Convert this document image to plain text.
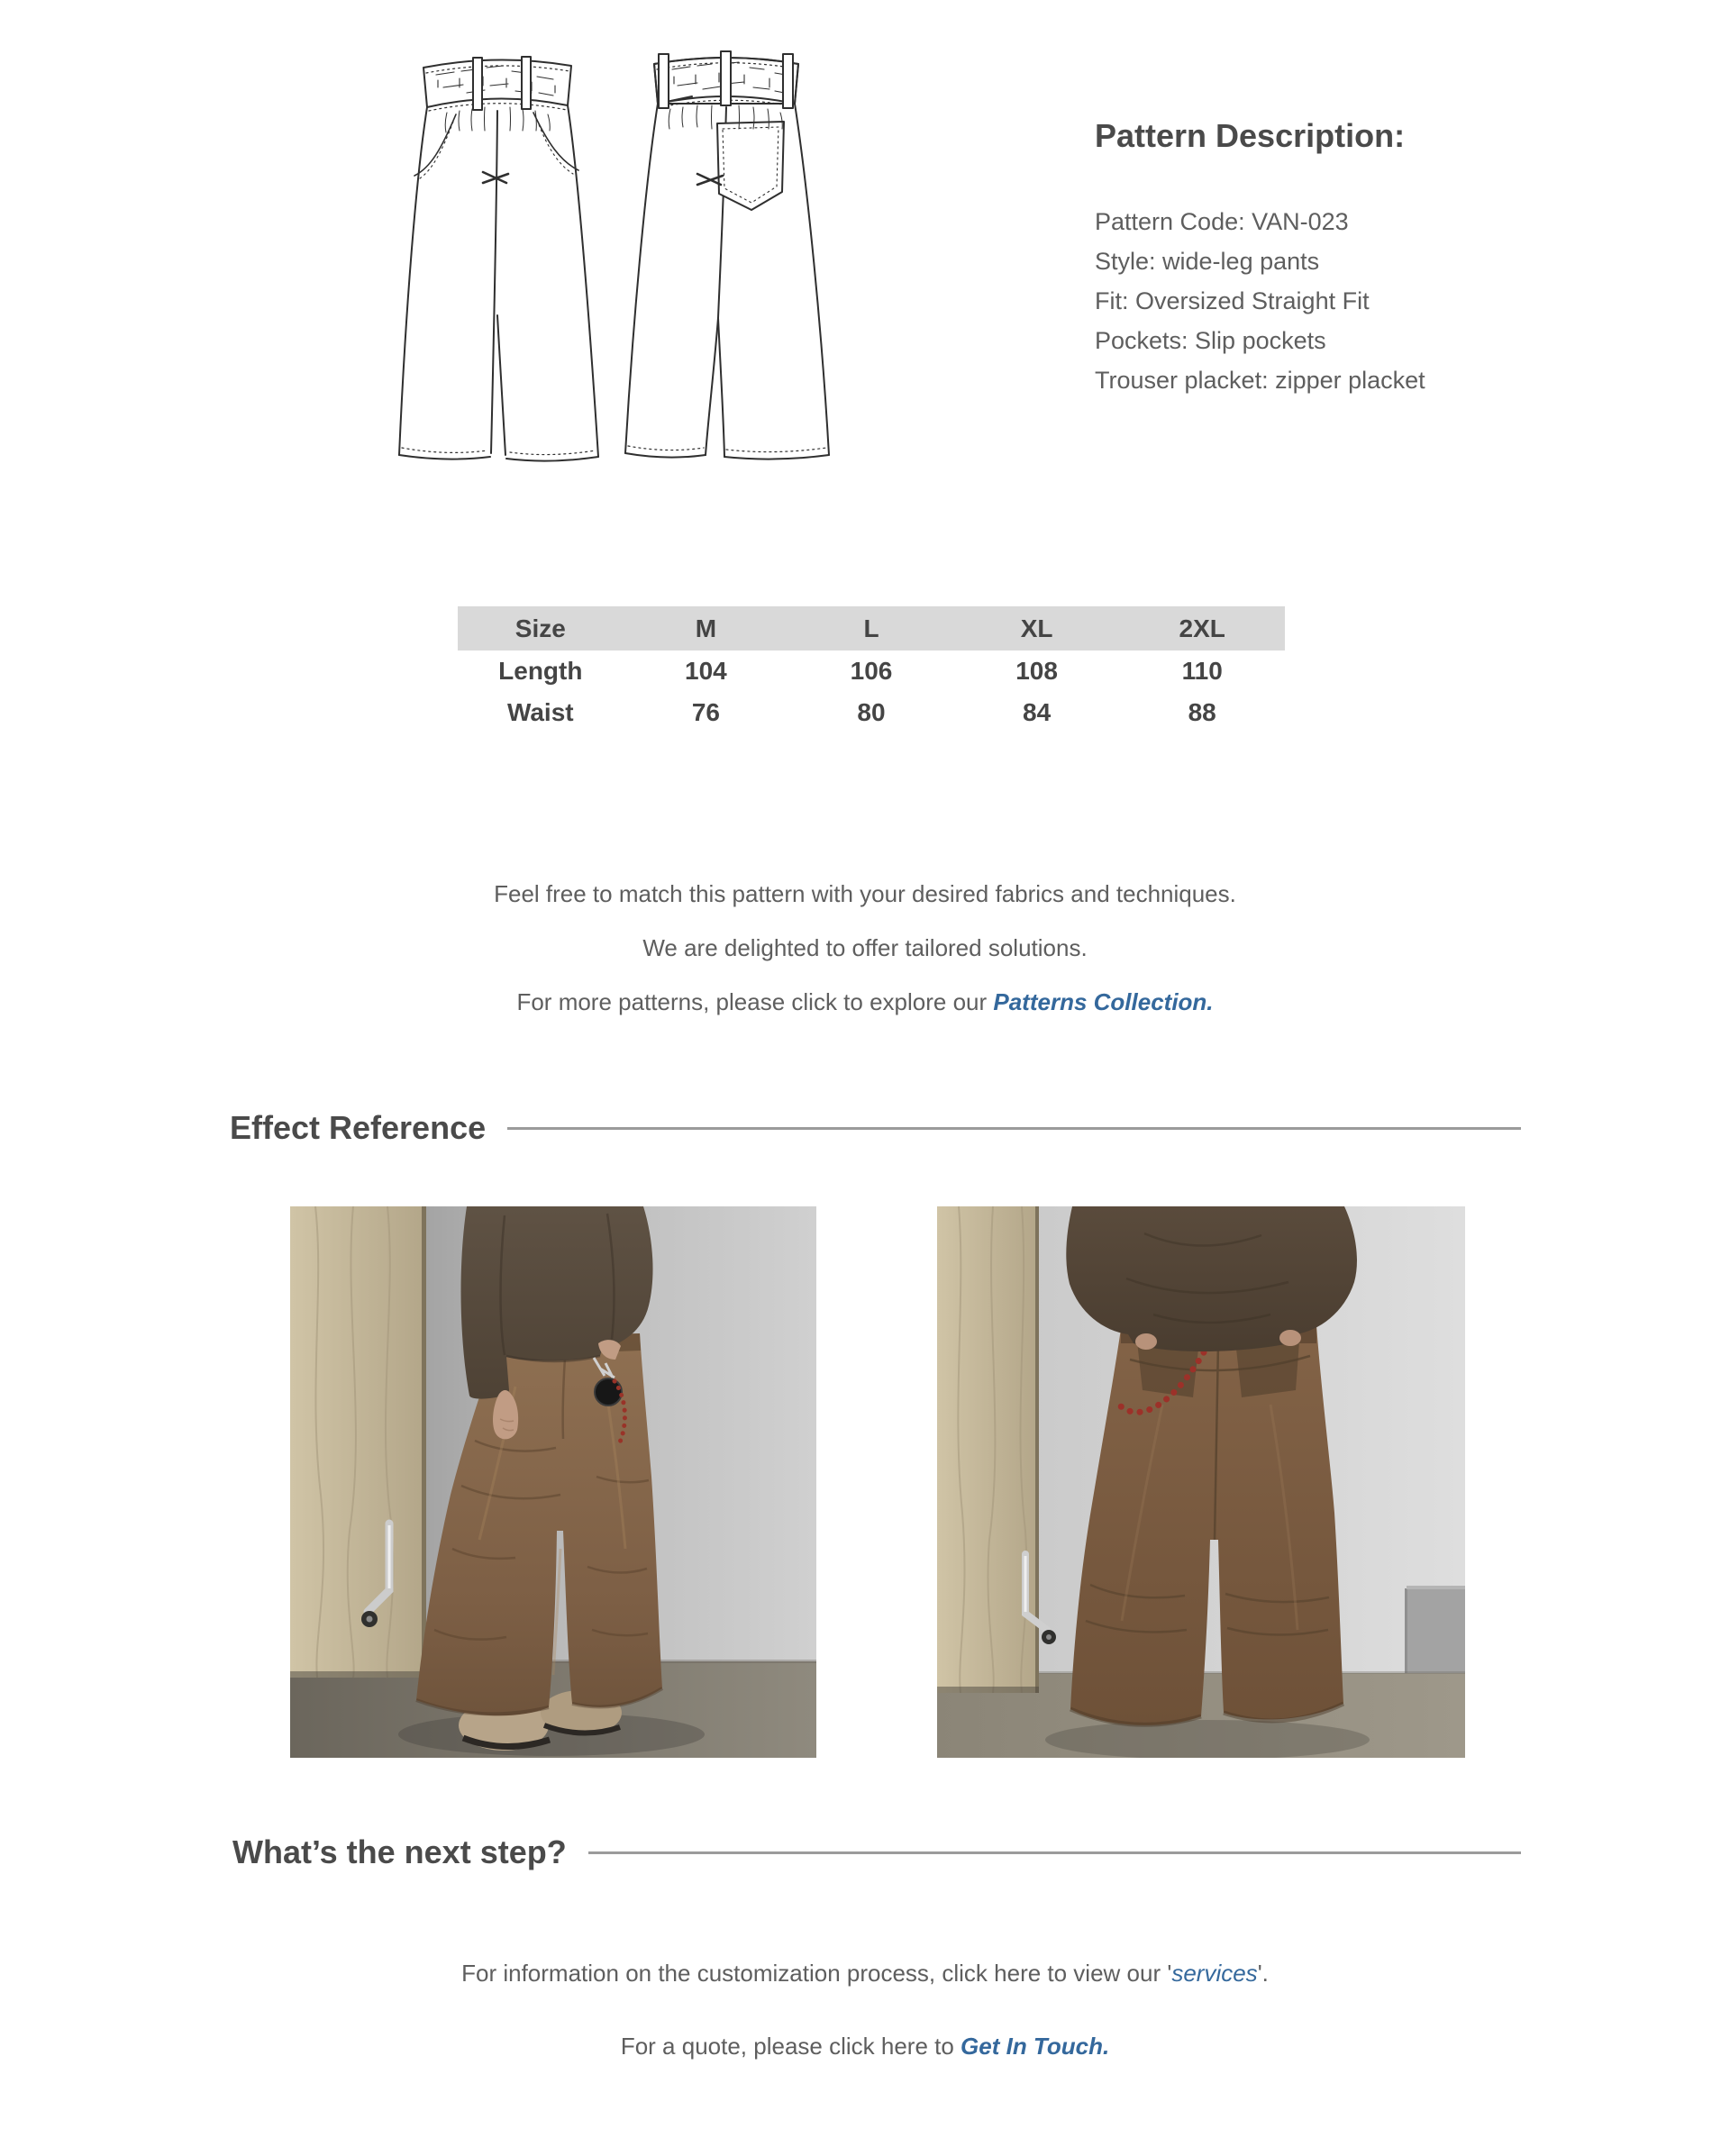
Pattern Description:
Pattern Code: VAN-023
Style: wide-leg pants
Fit: Oversized Straight Fit
Pockets: Slip pockets
Trouser placket: zipper placket
Size	M	L	XL	2XL
Length	104	106	108	110
Waist	76	80	84	88
Feel free to match this pattern with your desired fabrics and techniques.
We are delighted to offer tailored solutions.
For more patterns, please click to explore our Patterns Collection.
Effect Reference
What’s the next step?
For information on the customization process, click here to view our 'services'.
For a quote, please click here to Get In Touch.
